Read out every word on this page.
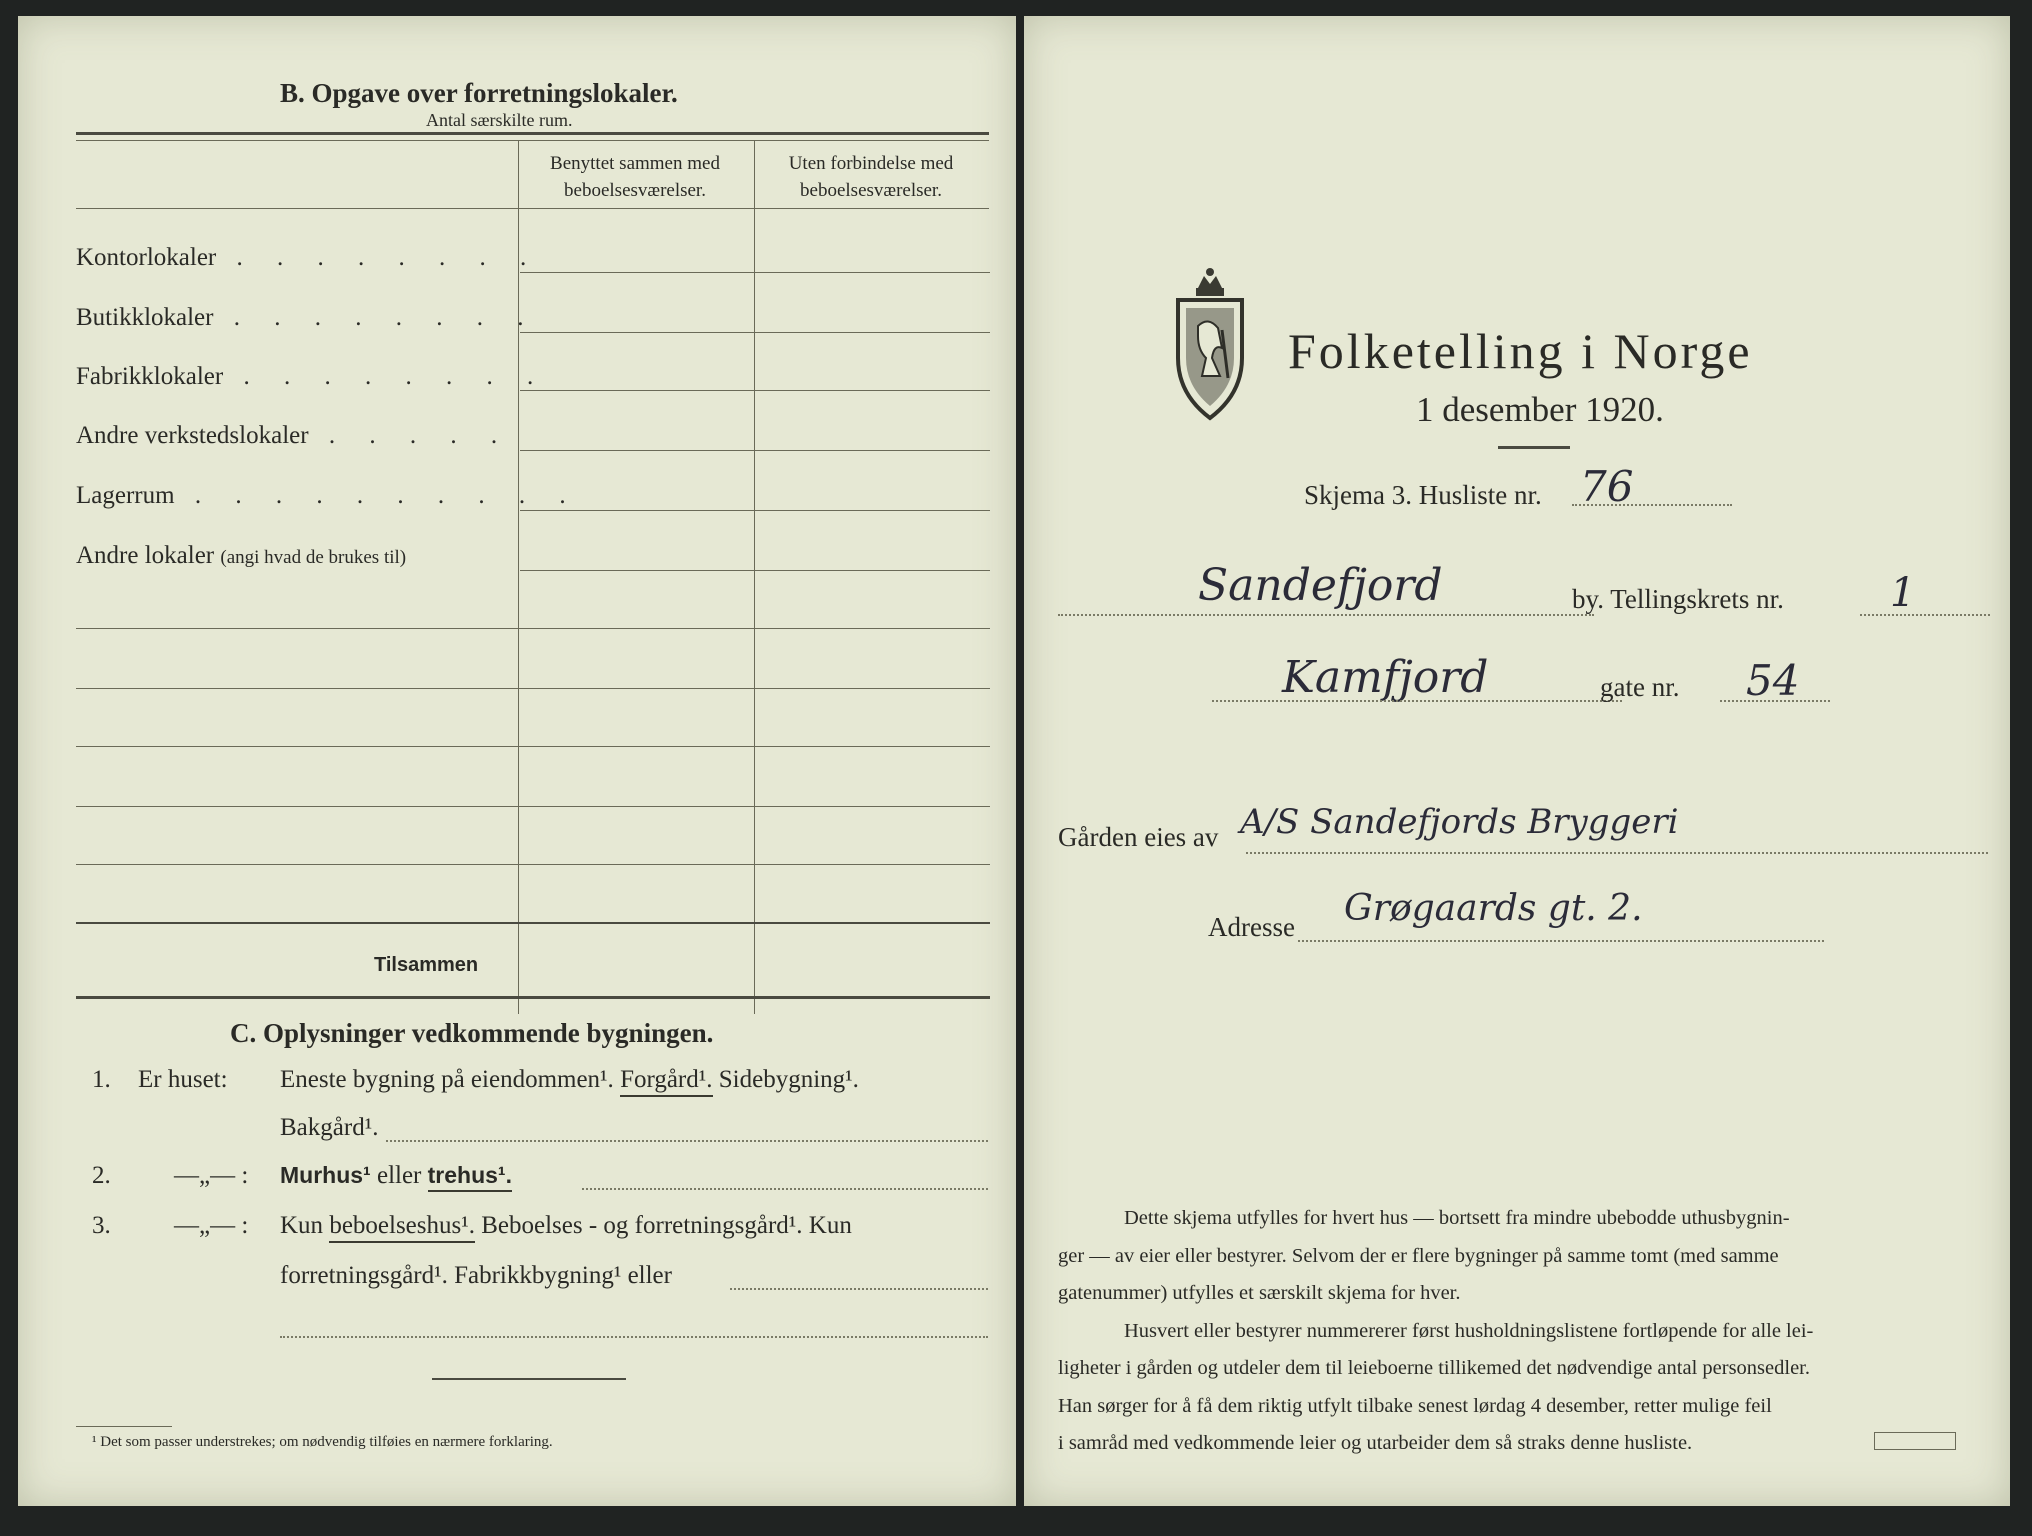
B. Opgave over forretningslokaler.
Antal særskilte rum.
Benyttet sammen med
beboelsesværelser.
Uten forbindelse med
beboelsesværelser.
Kontorlokaler . . . . . . . .
Butikklokaler . . . . . . . .
Fabrikklokaler . . . . . . . .
Andre verkstedslokaler . . . . .
Lagerrum . . . . . . . . . .
Andre lokaler (angi hvad de brukes til)
Tilsammen
C. Oplysninger vedkommende bygningen.
1. Er huset: Eneste bygning på eiendommen¹. Forgård¹. Sidebygning¹.
Bakgård¹.
2.	—„— : Murhus¹ eller trehus¹.
3.	—„— : Kun beboelseshus¹. Beboelses - og forretningsgård¹. Kun
forretningsgård¹. Fabrikkbygning¹ eller
¹ Det som passer understrekes; om nødvendig tilføies en nærmere forklaring.
Folketelling i Norge
1 desember 1920.
Skjema 3. Husliste nr. 76
Sandefjord	by. Tellingskrets nr.	1
Kamfjord	gate nr. 54
Gården eies av A/S Sandefjords Bryggeri
Adresse Grøgaards gt. 2.
Dette skjema utfylles for hvert hus — bortsett fra mindre ubebodde uthusbygnin-
ger — av eier eller bestyrer. Selvom der er flere bygninger på samme tomt (med samme
gatenummer) utfylles et særskilt skjema for hver.
Husvert eller bestyrer nummererer først husholdningslistene fortløpende for alle lei-
ligheter i gården og utdeler dem til leieboerne tillikemed det nødvendige antal personsedler.
Han sørger for å få dem riktig utfylt tilbake senest lørdag 4 desember, retter mulige feil
i samråd med vedkommende leier og utarbeider dem så straks denne husliste.
